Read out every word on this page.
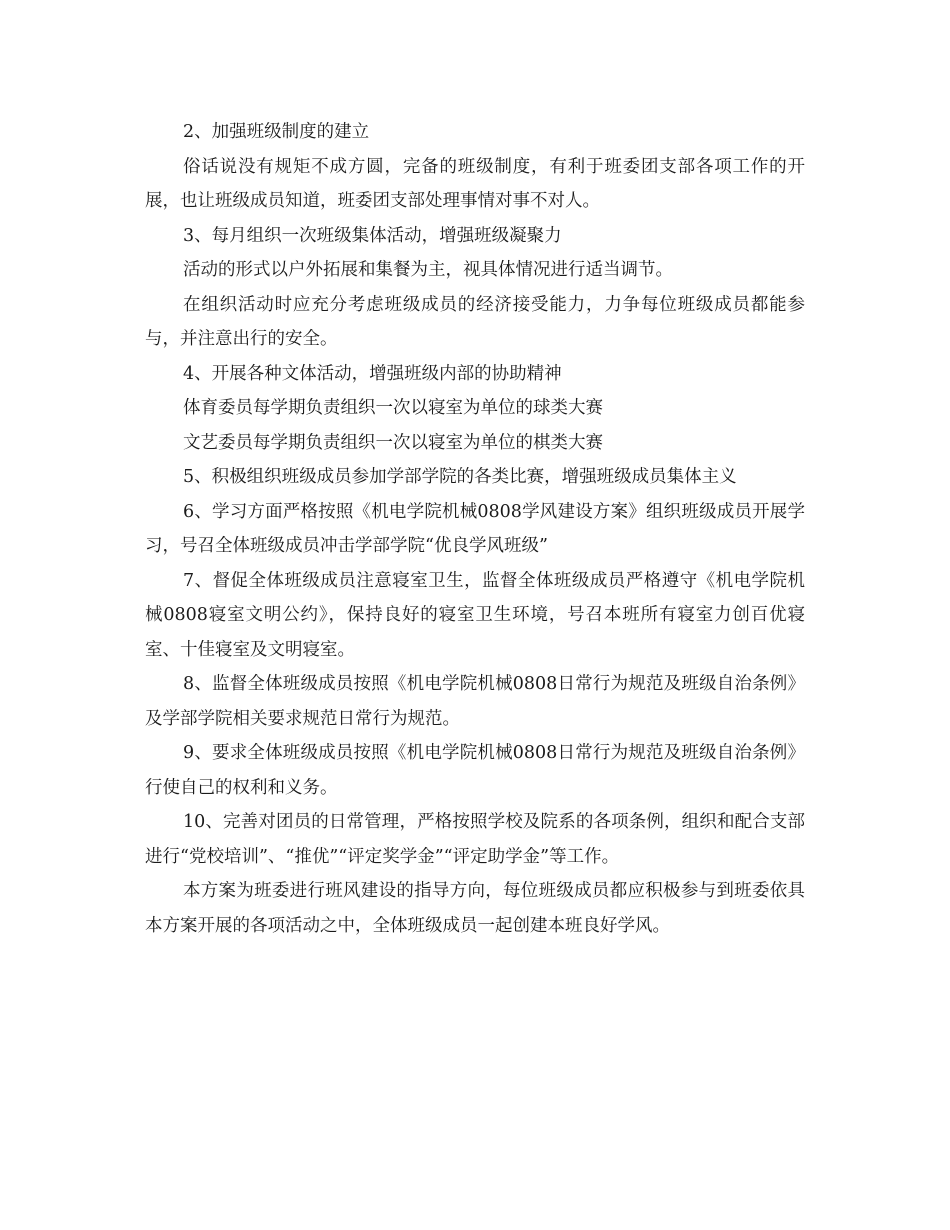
2、加强班级制度的建立

俗话说没有规矩不成方圆，完备的班级制度，有利于班委团支部各项工作的开展，也让班级成员知道，班委团支部处理事情对事不对人。

3、每月组织一次班级集体活动，增强班级凝聚力

活动的形式以户外拓展和集餐为主，视具体情况进行适当调节。

在组织活动时应充分考虑班级成员的经济接受能力，力争每位班级成员都能参与，并注意出行的安全。

4、开展各种文体活动，增强班级内部的协助精神

体育委员每学期负责组织一次以寝室为单位的球类大赛

文艺委员每学期负责组织一次以寝室为单位的棋类大赛

5、积极组织班级成员参加学部学院的各类比赛，增强班级成员集体主义

6、学习方面严格按照《机电学院机械0808学风建设方案》组织班级成员开展学习，号召全体班级成员冲击学部学院“优良学风班级”

7、督促全体班级成员注意寝室卫生，监督全体班级成员严格遵守《机电学院机械0808寝室文明公约》，保持良好的寝室卫生环境，号召本班所有寝室力创百优寝室、十佳寝室及文明寝室。

8、监督全体班级成员按照《机电学院机械0808日常行为规范及班级自治条例》及学部学院相关要求规范日常行为规范。

9、要求全体班级成员按照《机电学院机械0808日常行为规范及班级自治条例》行使自己的权利和义务。

10、完善对团员的日常管理，严格按照学校及院系的各项条例，组织和配合支部进行“党校培训”、“推优”“评定奖学金”“评定助学金”等工作。

本方案为班委进行班风建设的指导方向，每位班级成员都应积极参与到班委依具本方案开展的各项活动之中，全体班级成员一起创建本班良好学风。
